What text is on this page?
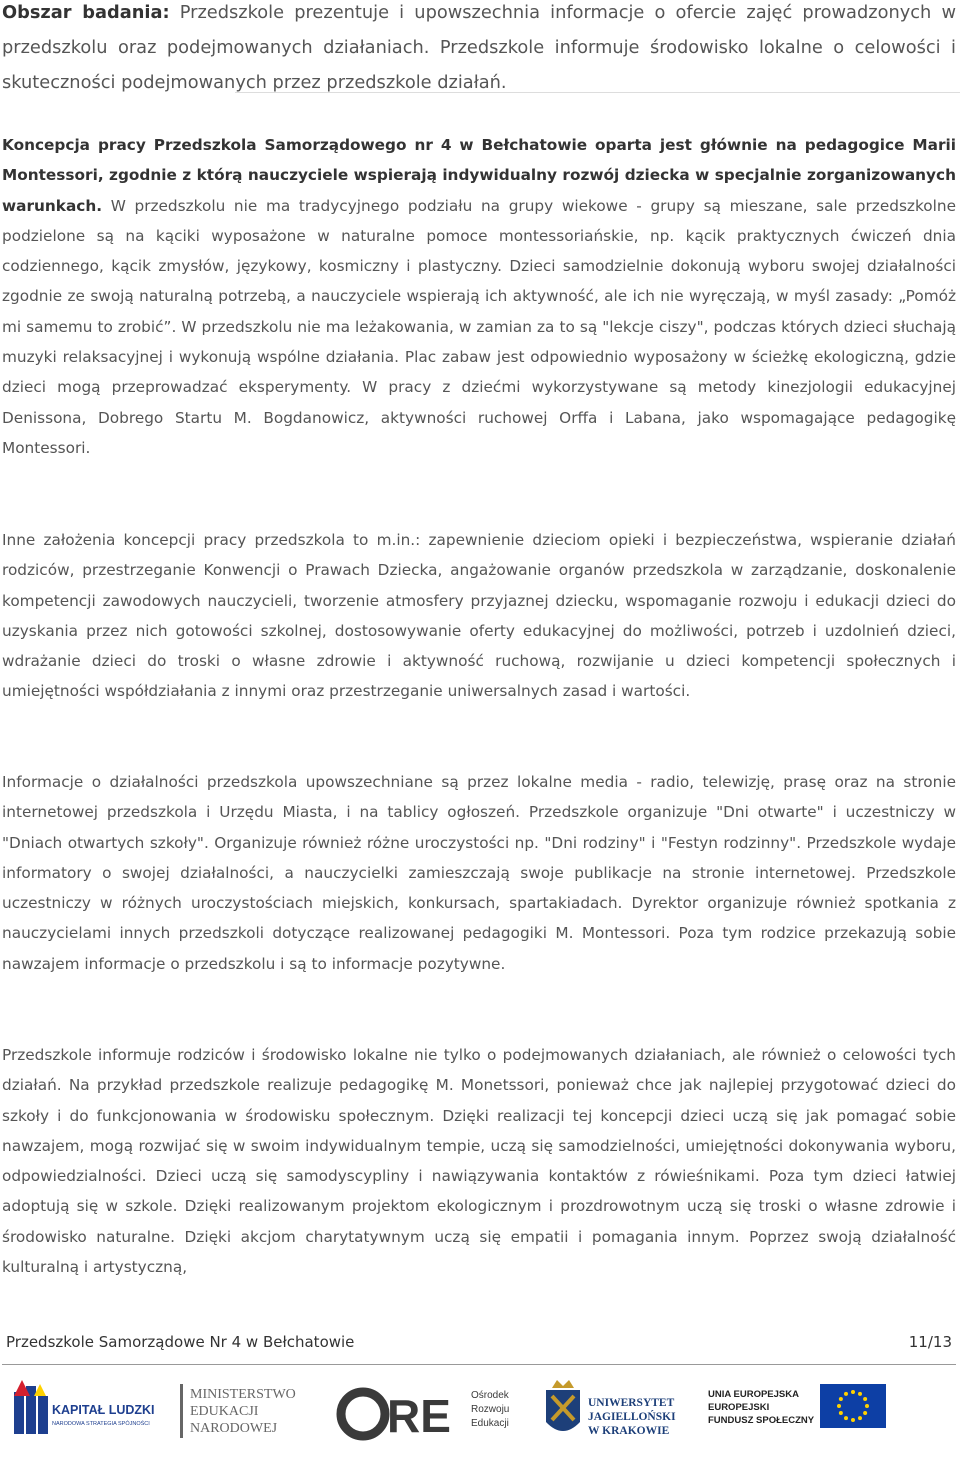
Obszar badania: Przedszkole prezentuje i upowszechnia informacje o ofercie zajęć prowadzonych w przedszkolu oraz podejmowanych działaniach. Przedszkole informuje środowisko lokalne o celowości i skuteczności podejmowanych przez przedszkole działań.

Koncepcja pracy Przedszkola Samorządowego nr 4 w Bełchatowie oparta jest głównie na pedagogice Marii Montessori, zgodnie z którą nauczyciele wspierają indywidualny rozwój dziecka w specjalnie zorganizowanych warunkach. W przedszkolu nie ma tradycyjnego podziału na grupy wiekowe - grupy są mieszane, sale przedszkolne podzielone są na kąciki wyposażone w naturalne pomoce montessoriańskie, np. kącik praktycznych ćwiczeń dnia codziennego, kącik zmysłów, językowy, kosmiczny i plastyczny. Dzieci samodzielnie dokonują wyboru swojej działalności zgodnie ze swoją naturalną potrzebą, a nauczyciele wspierają ich aktywność, ale ich nie wyręczają, w myśl zasady: „Pomóż mi samemu to zrobić”. W przedszkolu nie ma leżakowania, w zamian za to są "lekcje ciszy", podczas których dzieci słuchają muzyki relaksacyjnej i wykonują wspólne działania. Plac zabaw jest odpowiednio wyposażony w ścieżkę ekologiczną, gdzie dzieci mogą przeprowadzać eksperymenty. W pracy z dziećmi wykorzystywane są metody kinezjologii edukacyjnej Denissona, Dobrego Startu M. Bogdanowicz, aktywności ruchowej Orffa i Labana, jako wspomagające pedagogikę Montessori.

Inne założenia koncepcji pracy przedszkola to m.in.: zapewnienie dzieciom opieki i bezpieczeństwa, wspieranie działań rodziców, przestrzeganie Konwencji o Prawach Dziecka, angażowanie organów przedszkola w zarządzanie, doskonalenie kompetencji zawodowych nauczycieli, tworzenie atmosfery przyjaznej dziecku, wspomaganie rozwoju i edukacji dzieci do uzyskania przez nich gotowości szkolnej, dostosowywanie oferty edukacyjnej do możliwości, potrzeb i uzdolnień dzieci, wdrażanie dzieci do troski o własne zdrowie i aktywność ruchową, rozwijanie u dzieci kompetencji społecznych i umiejętności współdziałania z innymi oraz przestrzeganie uniwersalnych zasad i wartości.

Informacje o działalności przedszkola upowszechniane są przez lokalne media - radio, telewizję, prasę oraz na stronie internetowej przedszkola i Urzędu Miasta, i na tablicy ogłoszeń. Przedszkole organizuje "Dni otwarte" i uczestniczy w "Dniach otwartych szkoły". Organizuje również różne uroczystości np. "Dni rodziny" i "Festyn rodzinny". Przedszkole wydaje informatory o swojej działalności, a nauczycielki zamieszczają swoje publikacje na stronie internetowej. Przedszkole uczestniczy w różnych uroczystościach miejskich, konkursach, spartakiadach. Dyrektor organizuje również spotkania z nauczycielami innych przedszkoli dotyczące realizowanej pedagogiki M. Montessori. Poza tym rodzice przekazują sobie nawzajem informacje o przedszkolu i są to informacje pozytywne.

Przedszkole informuje rodziców i środowisko lokalne nie tylko o podejmowanych działaniach, ale również o celowości tych działań. Na przykład przedszkole realizuje pedagogikę M. Monetssori, ponieważ chce jak najlepiej przygotować dzieci do szkoły i do funkcjonowania w środowisku społecznym. Dzięki realizacji tej koncepcji dzieci uczą się jak pomagać sobie nawzajem, mogą rozwijać się w swoim indywidualnym tempie, uczą się samodzielności, umiejętności dokonywania wyboru, odpowiedzialności. Dzieci uczą się samodyscypliny i nawiązywania kontaktów z rówieśnikami. Poza tym dzieci łatwiej adoptują się w szkole. Dzięki realizowanym projektom ekologicznym i prozdrowotnym uczą się troski o własne zdrowie i środowisko naturalne. Dzięki akcjom charytatywnym uczą się empatii i pomagania innym. Poprzez swoją działalność kulturalną i artystyczną,

Przedszkole Samorządowe Nr 4 w Bełchatowie	11/13
KAPITAŁ LUDZKI
NARODOWA STRATEGIA SPÓJNOŚCI
MINISTERSTWO
EDUKACJI
NARODOWEJ RE Ośrodek
Rozwoju
Edukacji
UNIWERSYTET
JAGIELLOŃSKI
W KRAKOWIE
UNIA EUROPEJSKA
EUROPEJSKI
FUNDUSZ SPOŁECZNY
